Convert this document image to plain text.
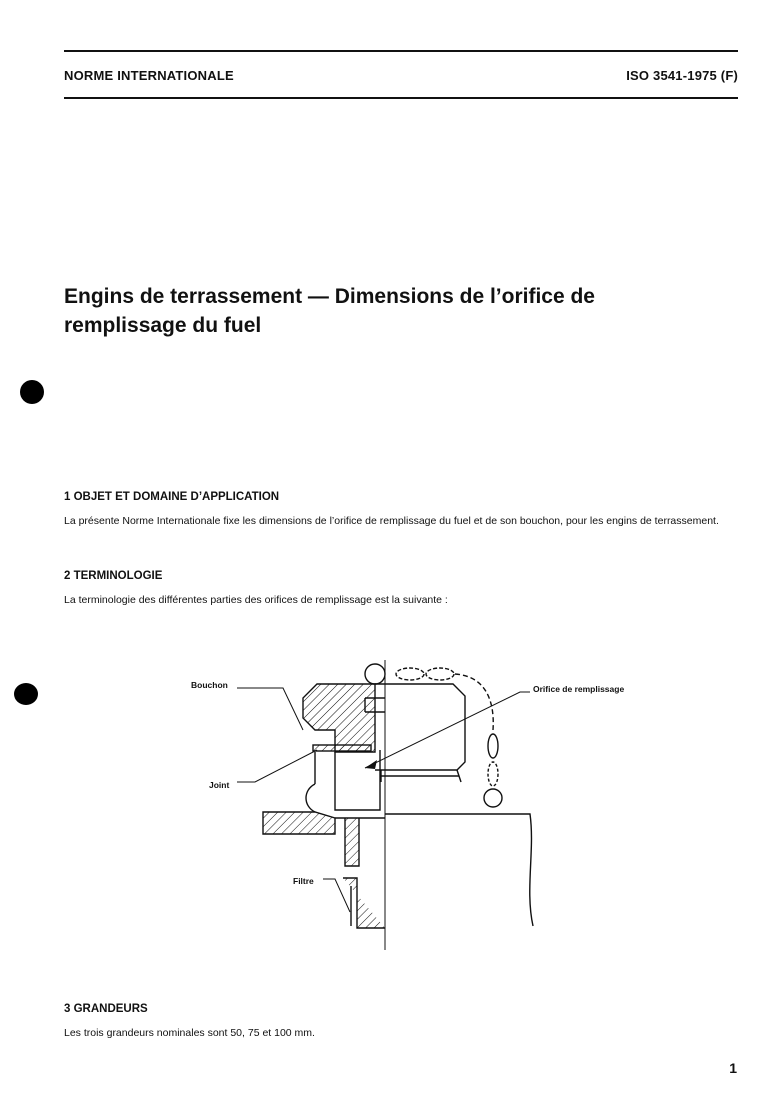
NORME INTERNATIONALE	ISO 3541-1975 (F)
Engins de terrassement — Dimensions de l’orifice de remplissage du fuel
1 OBJET ET DOMAINE D’APPLICATION

La présente Norme Internationale fixe les dimensions de l’orifice de remplissage du fuel et de son bouchon, pour les engins de terrassement.

2 TERMINOLOGIE

La terminologie des différentes parties des orifices de remplissage est la suivante :

Bouchon
Joint
Filtre
Orifice de remplissage
3 GRANDEURS

Les trois grandeurs nominales sont 50, 75 et 100 mm.

1
